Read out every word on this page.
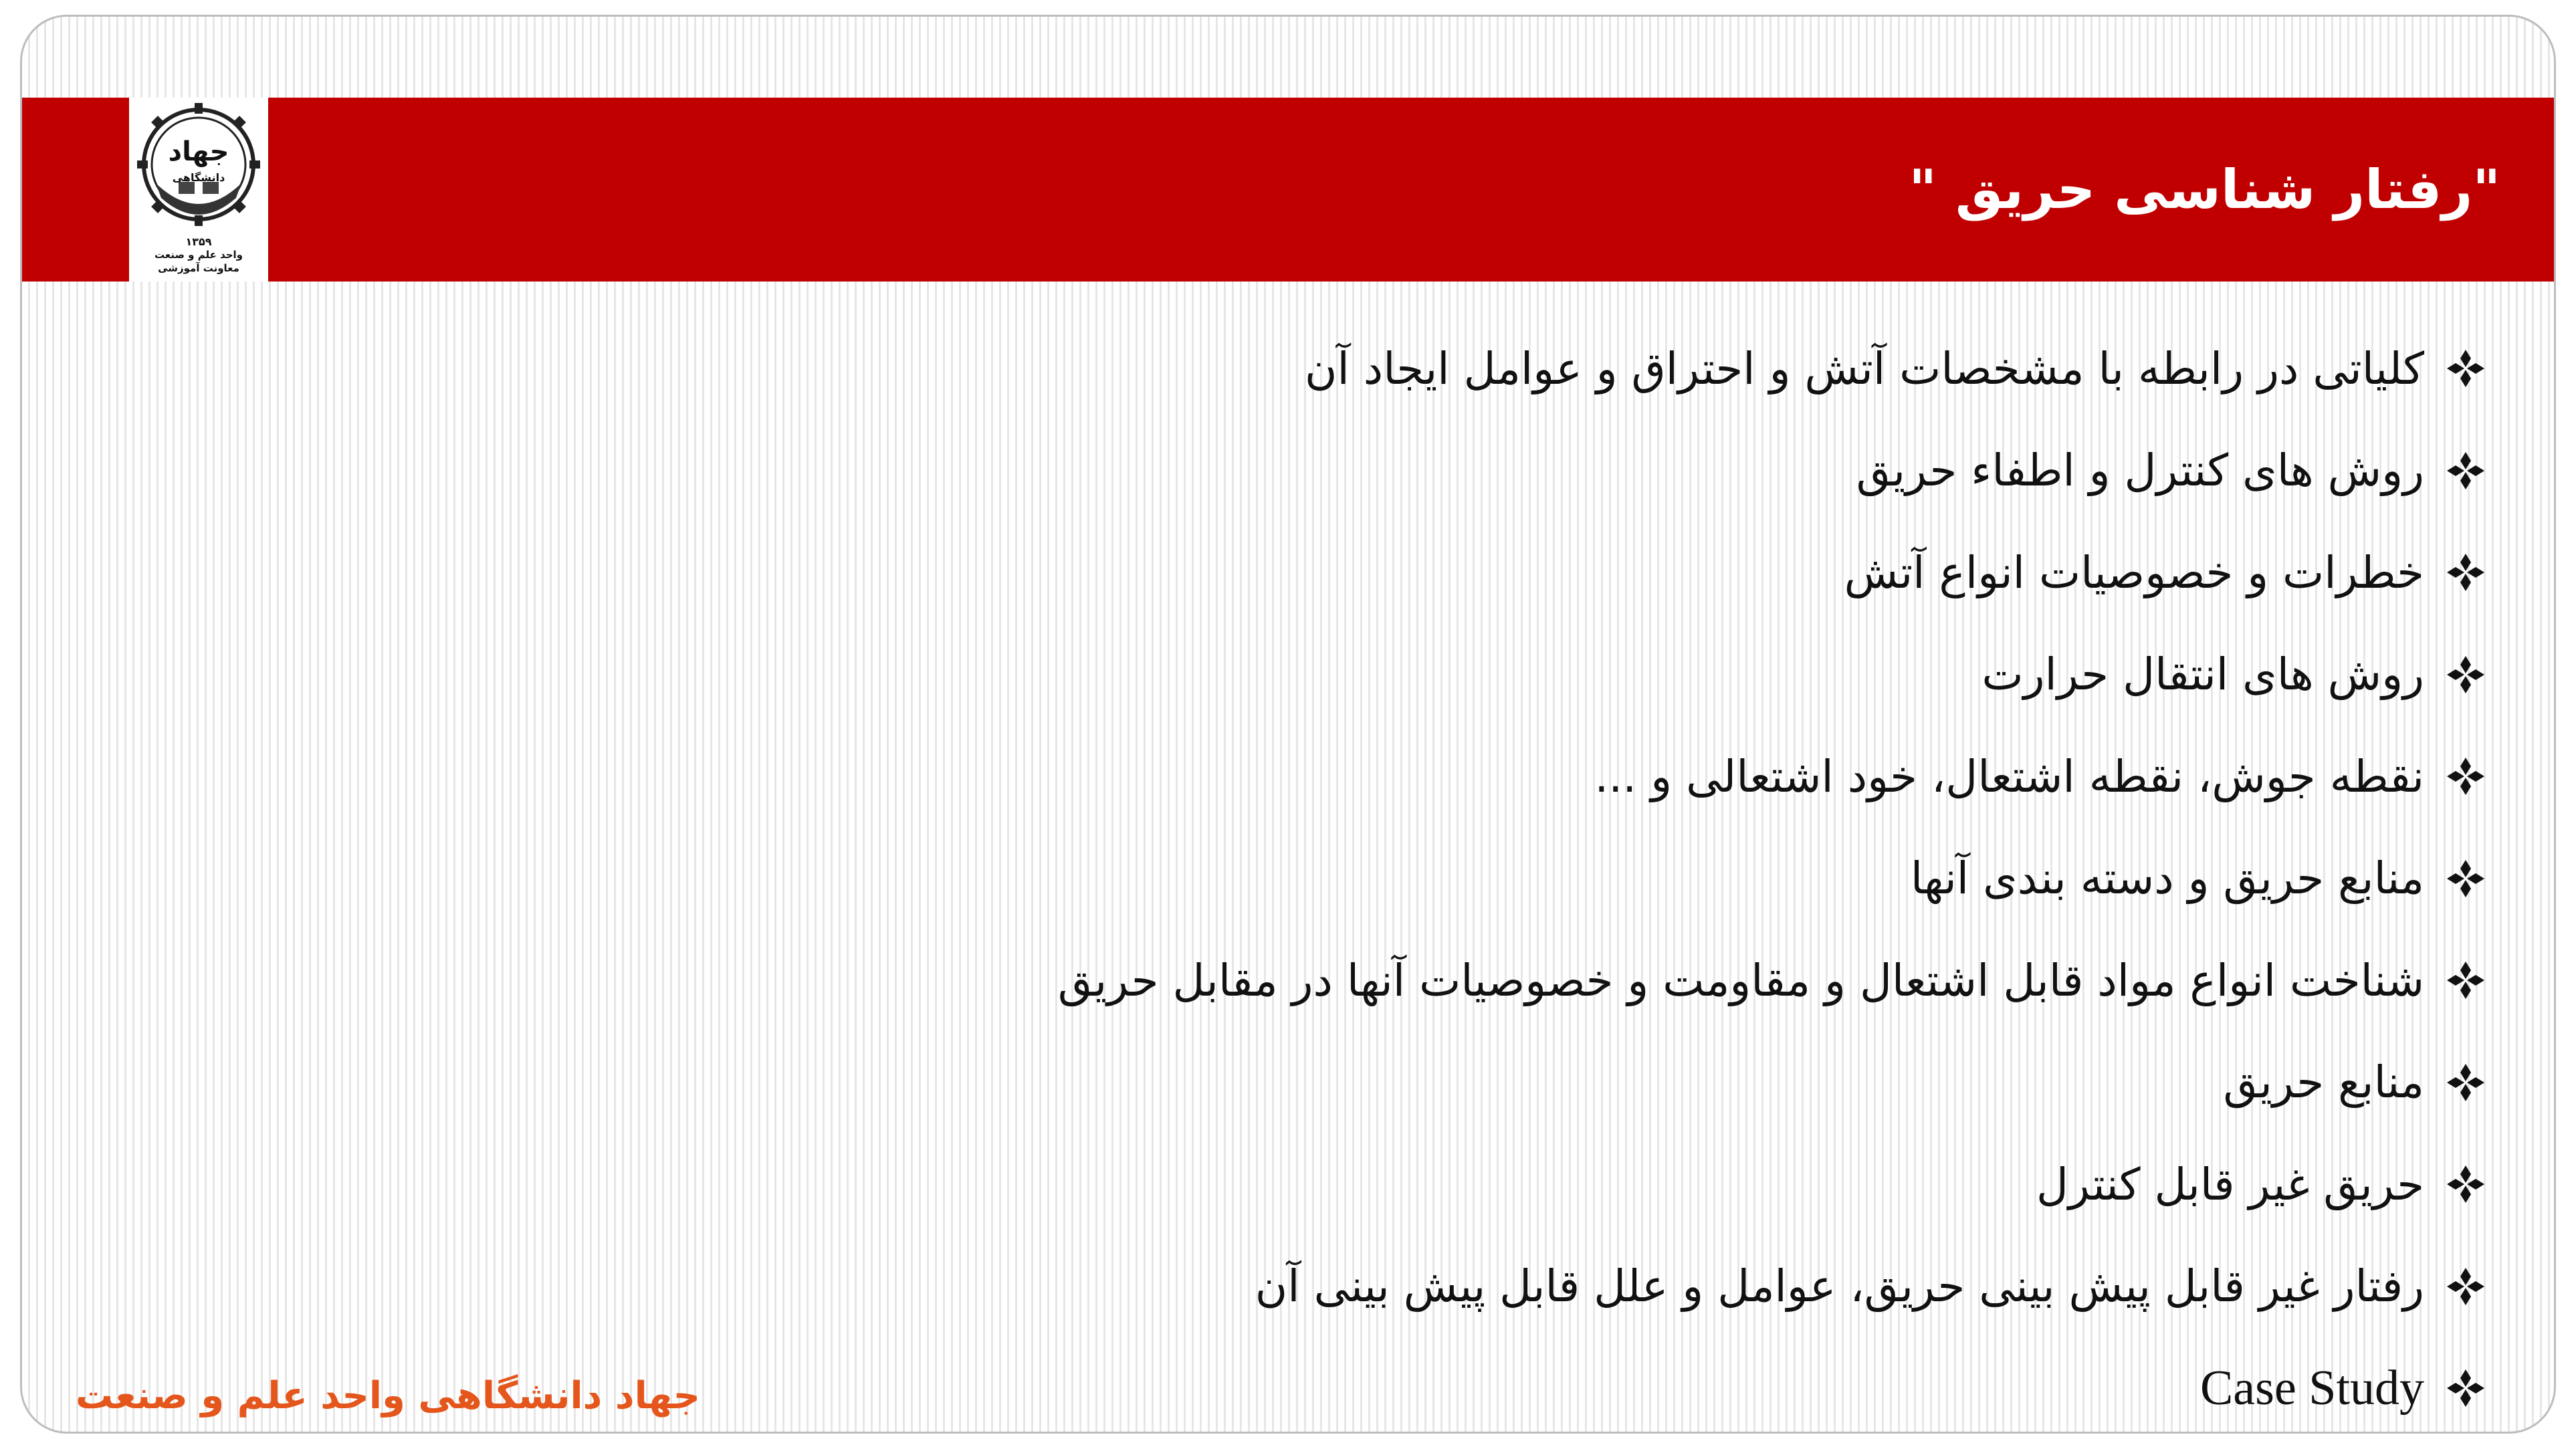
جهاد
دانشگاهی
۱۳۵۹
واحد علم و صنعت
معاونت آموزشی
"رفتار شناسی حریق "
کلیاتی در رابطه با مشخصات آتش و احتراق و عوامل ایجاد آن
روش های کنترل و اطفاء حریق
خطرات و خصوصیات انواع آتش
روش های انتقال حرارت
نقطه جوش، نقطه اشتعال، خود اشتعالی و ...
منابع حریق و دسته بندی آنها
شناخت انواع مواد قابل اشتعال و مقاومت و خصوصیات آنها در مقابل حریق
منابع حریق
حریق غیر قابل کنترل
رفتار غیر قابل پیش بینی حریق، عوامل و علل قابل پیش بینی آن
Case Study
جهاد دانشگاهی واحد علم و صنعت
